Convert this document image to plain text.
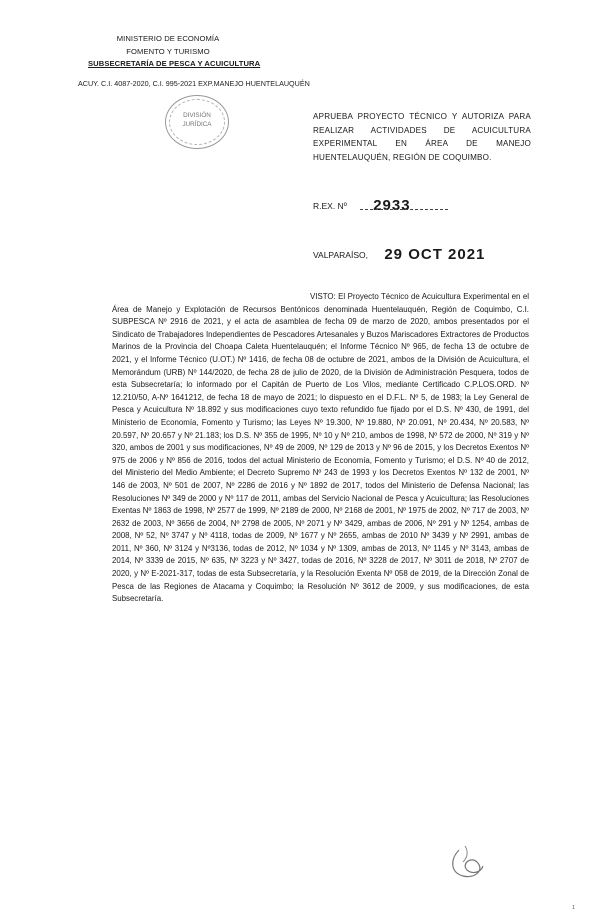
MINISTERIO DE ECONOMÍA
FOMENTO Y TURISMO
SUBSECRETARÍA DE PESCA Y ACUICULTURA
ACUY. C.I. 4087-2020, C.I. 995-2021 EXP.MANEJO HUENTELAUQUÉN
DIVISIÓN
JURÍDICA
APRUEBA PROYECTO TÉCNICO Y AUTORIZA PARA REALIZAR ACTIVIDADES DE ACUICULTURA EXPERIMENTAL EN ÁREA DE MANEJO HUENTELAUQUÉN, REGIÓN DE COQUIMBO.
R.EX. Nº 2933
VALPARAÍSO, 29 OCT 2021
VISTO: El Proyecto Técnico de Acuicultura Experimental en el Área de Manejo y Explotación de Recursos Bentónicos denominada Huentelauquén, Región de Coquimbo, C.I. SUBPESCA Nº 2916 de 2021, y el acta de asamblea de fecha 09 de marzo de 2020, ambos presentados por el Sindicato de Trabajadores Independientes de Pescadores Artesanales y Buzos Mariscadores Extractores de Productos Marinos de la Provincia del Choapa Caleta Huentelauquén; el Informe Técnico Nº 965, de fecha 13 de octubre de 2021, y el Informe Técnico (U.OT.) Nº 1416, de fecha 08 de octubre de 2021, ambos de la División de Acuicultura, el Memorándum (URB) Nº 144/2020, de fecha 28 de julio de 2020, de la División de Administración Pesquera, todos de esta Subsecretaría; lo informado por el Capitán de Puerto de Los Vilos, mediante Certificado C.P.LOS.ORD. Nº 12.210/50, A-Nº 1641212, de fecha 18 de mayo de 2021; lo dispuesto en el D.F.L. Nº 5, de 1983; la Ley General de Pesca y Acuicultura Nº 18.892 y sus modificaciones cuyo texto refundido fue fijado por el D.S. Nº 430, de 1991, del Ministerio de Economía, Fomento y Turismo; las Leyes Nº 19.300, Nº 19.880, Nº 20.091, Nº 20.434, Nº 20.583, Nº 20.597, Nº 20.657 y Nº 21.183; los D.S. Nº 355 de 1995, Nº 10 y Nº 210, ambos de 1998, Nº 572 de 2000, Nº 319 y Nº 320, ambos de 2001 y sus modificaciones, Nº 49 de 2009, Nº 129 de 2013 y Nº 96 de 2015, y los Decretos Exentos Nº 975 de 2006 y Nº 856 de 2016, todos del actual Ministerio de Economía, Fomento y Turismo; el D.S. Nº 40 de 2012, del Ministerio del Medio Ambiente; el Decreto Supremo Nº 243 de 1993 y los Decretos Exentos Nº 132 de 2001, Nº 146 de 2003, Nº 501 de 2007, Nº 2286 de 2016 y Nº 1892 de 2017, todos del Ministerio de Defensa Nacional; las Resoluciones Nº 349 de 2000 y Nº 117 de 2011, ambas del Servicio Nacional de Pesca y Acuicultura; las Resoluciones Exentas Nº 1863 de 1998, Nº 2577 de 1999, Nº 2189 de 2000, Nº 2168 de 2001, Nº 1975 de 2002, Nº 717 de 2003, Nº 2632 de 2003, Nº 3656 de 2004, Nº 2798 de 2005, Nº 2071 y Nº 3429, ambas de 2006, Nº 291 y Nº 1254, ambas de 2008, Nº 52, Nº 3747 y Nº 4118, todas de 2009, Nº 1677 y Nº 2655, ambas de 2010 Nº 3439 y Nº 2991, ambas de 2011, Nº 360, Nº 3124 y Nº3136, todas de 2012, Nº 1034 y Nº 1309, ambas de 2013, Nº 1145 y Nº 3143, ambas de 2014, Nº 3339 de 2015, Nº 635, Nº 3223 y Nº 3427, todas de 2016, Nº 3228 de 2017, Nº 3011 de 2018, Nº 2707 de 2020, y Nº E-2021-317, todas de esta Subsecretaría, y la Resolución Exenta Nº 058 de 2019, de la Dirección Zonal de Pesca de las Regiones de Atacama y Coquimbo; la Resolución Nº 3612 de 2009, y sus modificaciones, de esta Subsecretaría.
1
